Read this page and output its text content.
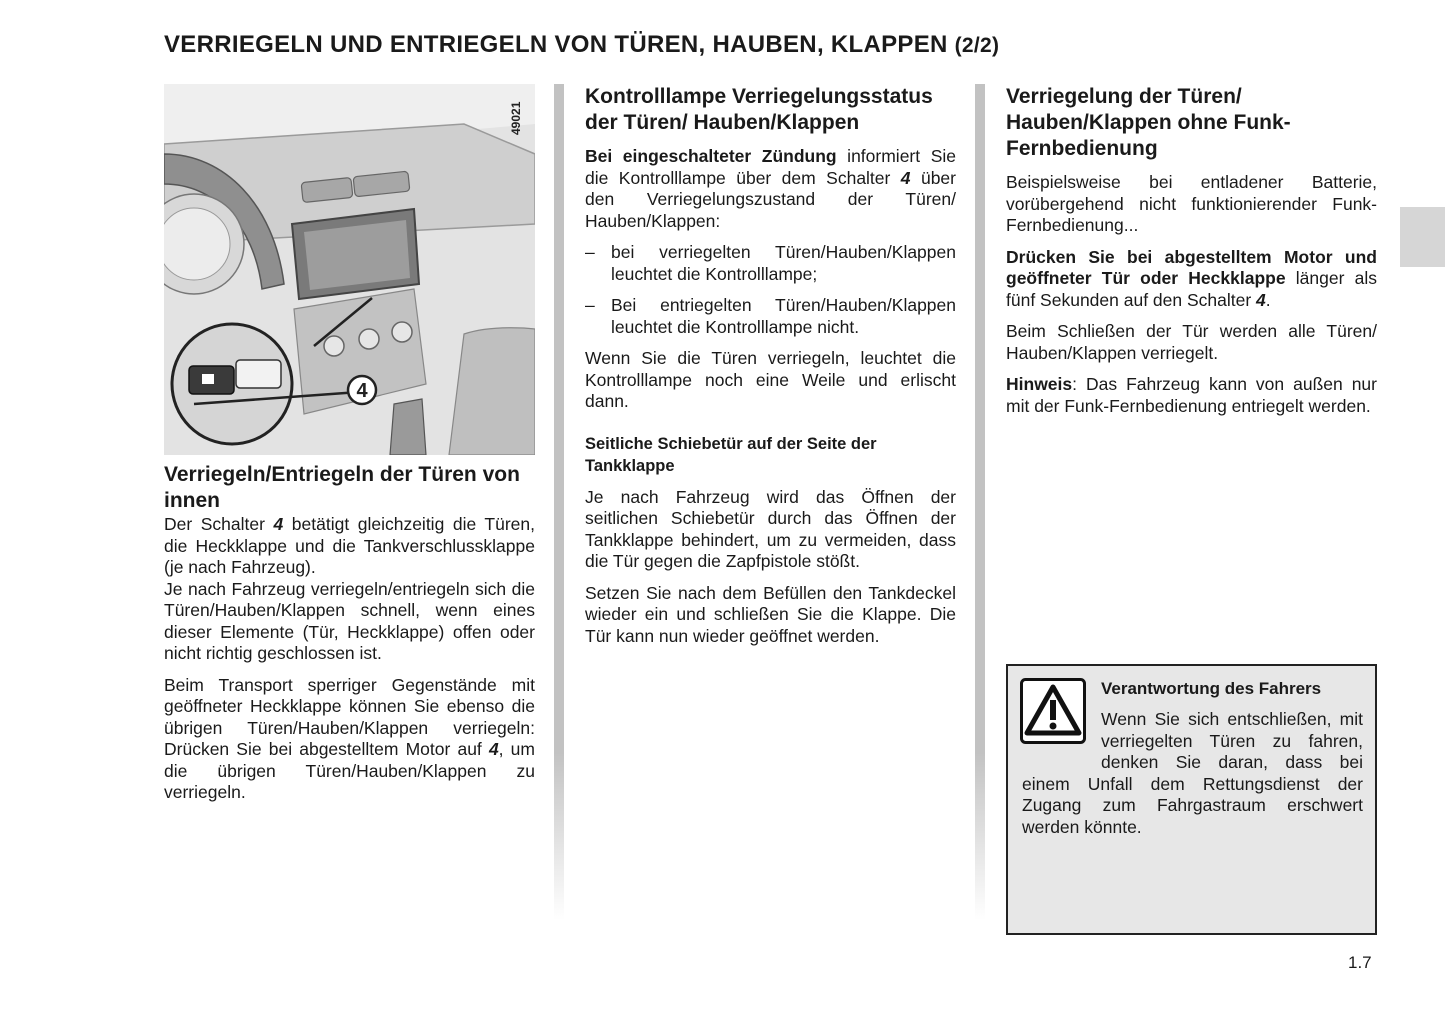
VERRIEGELN UND ENTRIEGELN VON TÜREN, HAUBEN, KLAPPEN (2/2)
4
49021
Verriegeln/Entriegeln der Türen von innen

Der Schalter 4 betätigt gleichzeitig die Türen, die Heckklappe und die Tankverschlussklappe (je nach Fahrzeug).

Je nach Fahrzeug verriegeln/entriegeln sich die Türen/Hauben/Klappen schnell, wenn eines dieser Elemente (Tür, Heckklappe) offen oder nicht richtig geschlossen ist.

Beim Transport sperriger Gegenstände mit geöffneter Heckklappe können Sie ebenso die übrigen Türen/Hauben/Klappen verriegeln: Drücken Sie bei abgestelltem Motor auf 4, um die übrigen Türen/Hauben/Klappen zu verriegeln.

Kontrolllampe Verriegelungsstatus der Türen/ Hauben/Klappen

Bei eingeschalteter Zündung informiert Sie die Kontrolllampe über dem Schalter 4 über den Verriegelungszustand der Türen/ Hauben/Klappen:

– bei verriegelten Türen/Hauben/Klappen leuchtet die Kontrolllampe;
– Bei entriegelten Türen/Hauben/Klappen leuchtet die Kontrolllampe nicht.

Wenn Sie die Türen verriegeln, leuchtet die Kontrolllampe noch eine Weile und erlischt dann.

Seitliche Schiebetür auf der Seite der Tankklappe

Je nach Fahrzeug wird das Öffnen der seitlichen Schiebetür durch das Öffnen der Tankklappe behindert, um zu vermeiden, dass die Tür gegen die Zapfpistole stößt.

Setzen Sie nach dem Befüllen den Tankdeckel wieder ein und schließen Sie die Klappe. Die Tür kann nun wieder geöffnet werden.

Verriegelung der Türen/ Hauben/Klappen ohne Funk-Fernbedienung

Beispielsweise bei entladener Batterie, vorübergehend nicht funktionierender Funk-Fernbedienung...

Drücken Sie bei abgestelltem Motor und geöffneter Tür oder Heckklappe länger als fünf Sekunden auf den Schalter 4.

Beim Schließen der Tür werden alle Türen/ Hauben/Klappen verriegelt.

Hinweis: Das Fahrzeug kann von außen nur mit der Funk-Fernbedienung entriegelt werden.

Verantwortung des Fahrers
Wenn Sie sich entschließen, mit verriegelten Türen zu fahren, denken Sie daran, dass bei einem Unfall dem Rettungsdienst der Zugang zum Fahrgastraum erschwert werden könnte.
1.7
